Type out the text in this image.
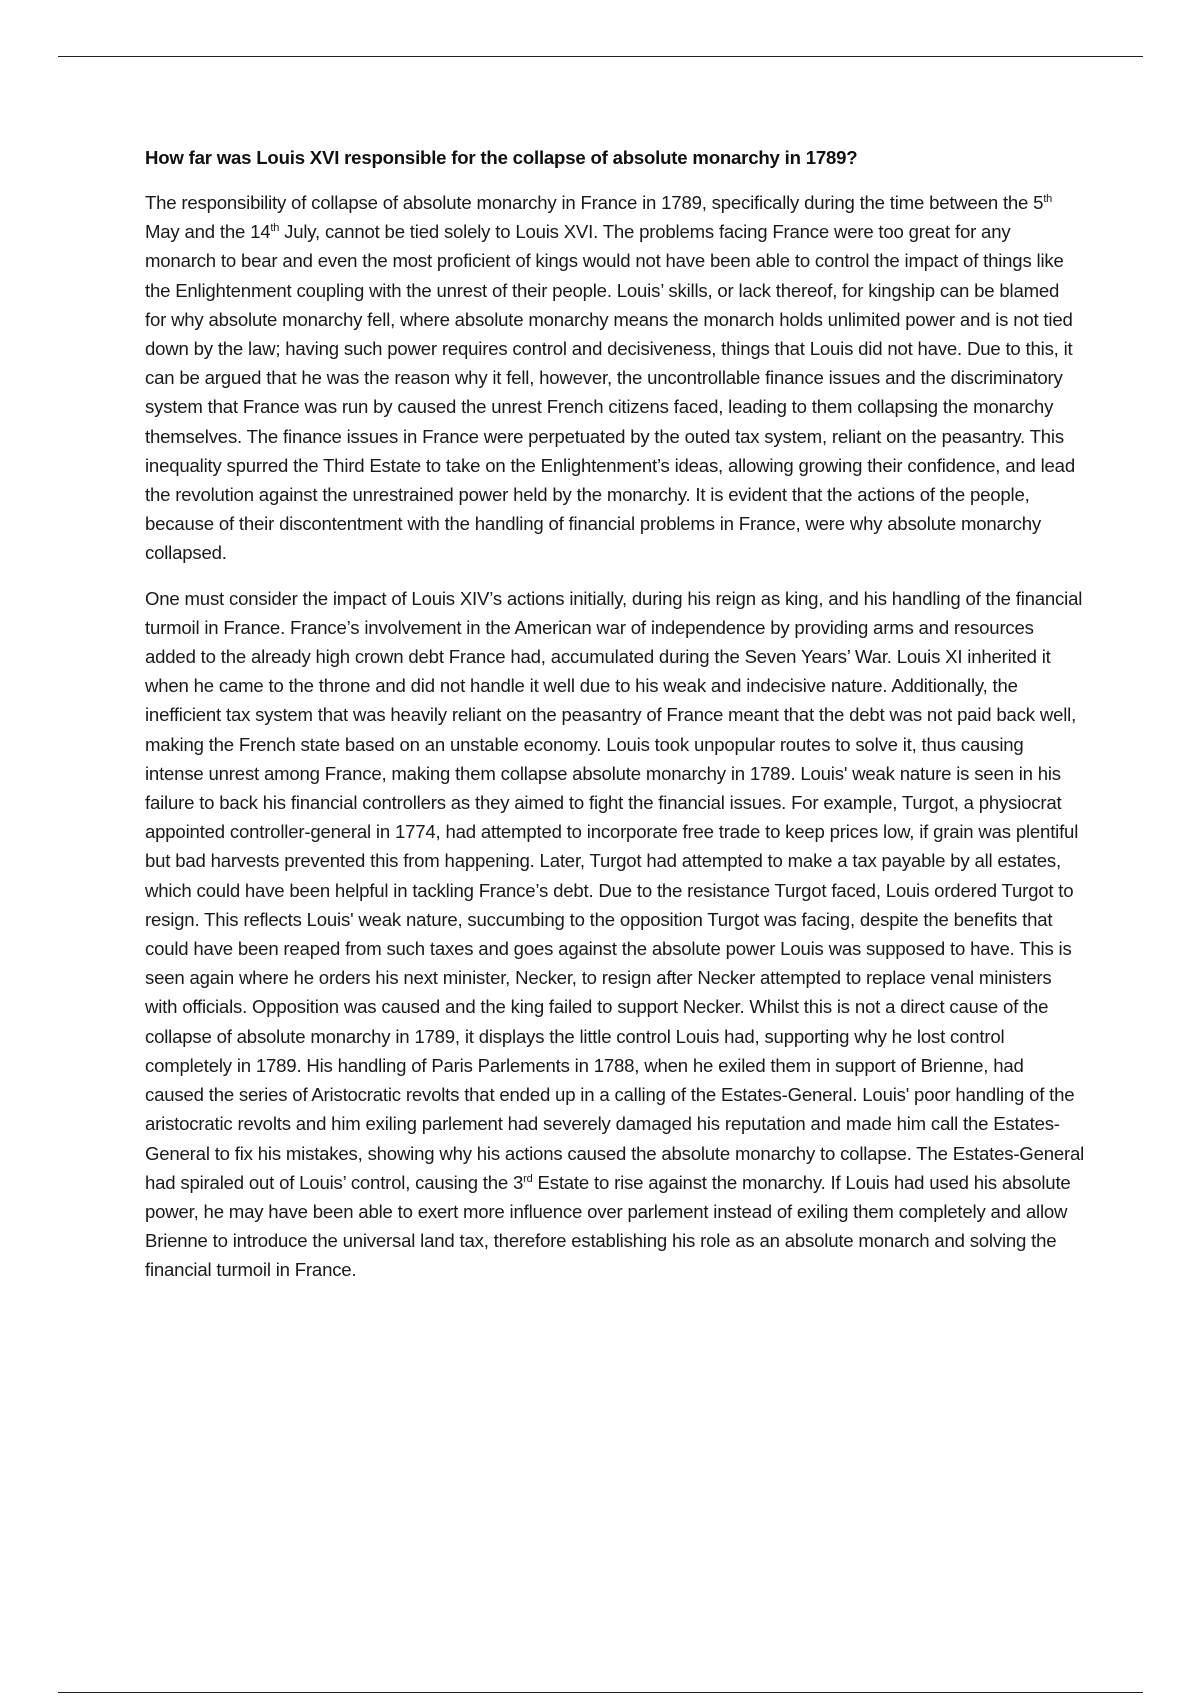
How far was Louis XVI responsible for the collapse of absolute monarchy in 1789?

The responsibility of collapse of absolute monarchy in France in 1789, specifically during the time between the 5th May and the 14th July, cannot be tied solely to Louis XVI. The problems facing France were too great for any monarch to bear and even the most proficient of kings would not have been able to control the impact of things like the Enlightenment coupling with the unrest of their people. Louis’ skills, or lack thereof, for kingship can be blamed for why absolute monarchy fell, where absolute monarchy means the monarch holds unlimited power and is not tied down by the law; having such power requires control and decisiveness, things that Louis did not have. Due to this, it can be argued that he was the reason why it fell, however, the uncontrollable finance issues and the discriminatory system that France was run by caused the unrest French citizens faced, leading to them collapsing the monarchy themselves. The finance issues in France were perpetuated by the outed tax system, reliant on the peasantry. This inequality spurred the Third Estate to take on the Enlightenment’s ideas, allowing growing their confidence, and lead the revolution against the unrestrained power held by the monarchy. It is evident that the actions of the people, because of their discontentment with the handling of financial problems in France, were why absolute monarchy collapsed.

One must consider the impact of Louis XIV’s actions initially, during his reign as king, and his handling of the financial turmoil in France. France’s involvement in the American war of independence by providing arms and resources added to the already high crown debt France had, accumulated during the Seven Years’ War. Louis XI inherited it when he came to the throne and did not handle it well due to his weak and indecisive nature. Additionally, the inefficient tax system that was heavily reliant on the peasantry of France meant that the debt was not paid back well, making the French state based on an unstable economy. Louis took unpopular routes to solve it, thus causing intense unrest among France, making them collapse absolute monarchy in 1789. Louis' weak nature is seen in his failure to back his financial controllers as they aimed to fight the financial issues. For example, Turgot, a physiocrat appointed controller-general in 1774, had attempted to incorporate free trade to keep prices low, if grain was plentiful but bad harvests prevented this from happening. Later, Turgot had attempted to make a tax payable by all estates, which could have been helpful in tackling France’s debt. Due to the resistance Turgot faced, Louis ordered Turgot to resign. This reflects Louis' weak nature, succumbing to the opposition Turgot was facing, despite the benefits that could have been reaped from such taxes and goes against the absolute power Louis was supposed to have. This is seen again where he orders his next minister, Necker, to resign after Necker attempted to replace venal ministers with officials. Opposition was caused and the king failed to support Necker. Whilst this is not a direct cause of the collapse of absolute monarchy in 1789, it displays the little control Louis had, supporting why he lost control completely in 1789. His handling of Paris Parlements in 1788, when he exiled them in support of Brienne, had caused the series of Aristocratic revolts that ended up in a calling of the Estates-General. Louis' poor handling of the aristocratic revolts and him exiling parlement had severely damaged his reputation and made him call the Estates-General to fix his mistakes, showing why his actions caused the absolute monarchy to collapse. The Estates-General had spiraled out of Louis’ control, causing the 3rd Estate to rise against the monarchy. If Louis had used his absolute power, he may have been able to exert more influence over parlement instead of exiling them completely and allow Brienne to introduce the universal land tax, therefore establishing his role as an absolute monarch and solving the financial turmoil in France.
